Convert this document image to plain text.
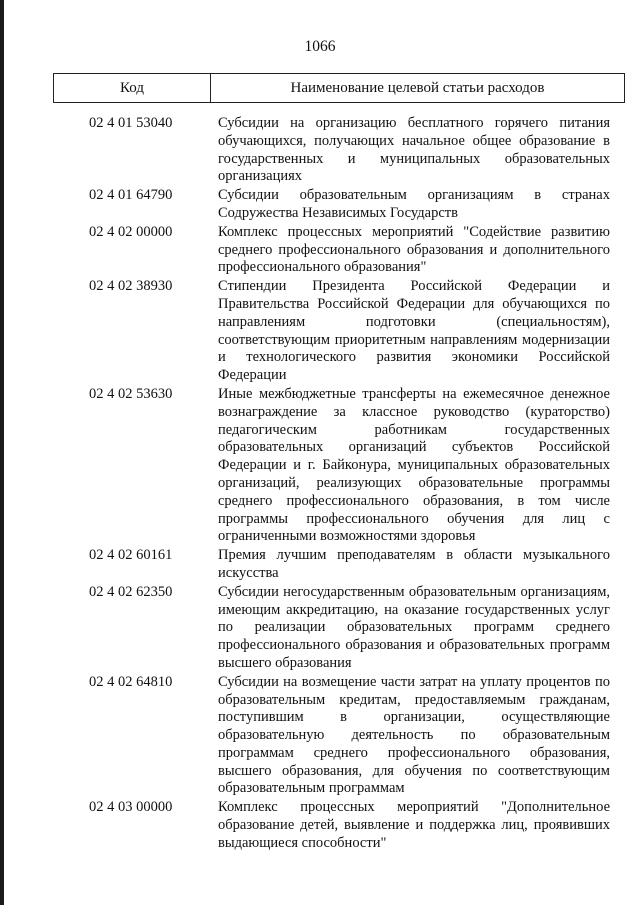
1066
Код	Наименование целевой статьи расходов
02 4 01 53040	Субсидии на организацию бесплатного горячего питания обучающихся, получающих начальное общее образование в государственных и муниципальных образовательных организациях
02 4 01 64790	Субсидии образовательным организациям в странах Содружества Независимых Государств
02 4 02 00000	Комплекс процессных мероприятий "Содействие развитию среднего профессионального образования и дополнительного профессионального образования"
02 4 02 38930	Стипендии Президента Российской Федерации и Правительства Российской Федерации для обучающихся по направлениям подготовки (специальностям), соответствующим приоритетным направлениям модернизации и технологического развития экономики Российской Федерации
02 4 02 53630	Иные межбюджетные трансферты на ежемесячное денежное вознаграждение за классное руководство (кураторство) педагогическим работникам государственных образовательных организаций субъектов Российской Федерации и г. Байконура, муниципальных образовательных организаций, реализующих образовательные программы среднего профессионального образования, в том числе программы профессионального обучения для лиц с ограниченными возможностями здоровья
02 4 02 60161	Премия лучшим преподавателям в области музыкального искусства
02 4 02 62350	Субсидии негосударственным образовательным организациям, имеющим аккредитацию, на оказание государственных услуг по реализации образовательных программ среднего профессионального образования и образовательных программ высшего образования
02 4 02 64810	Субсидии на возмещение части затрат на уплату процентов по образовательным кредитам, предоставляемым гражданам, поступившим в организации, осуществляющие образовательную деятельность по образовательным программам среднего профессионального образования, высшего образования, для обучения по соответствующим образовательным программам
02 4 03 00000	Комплекс процессных мероприятий "Дополнительное образование детей, выявление и поддержка лиц, проявивших выдающиеся способности"
